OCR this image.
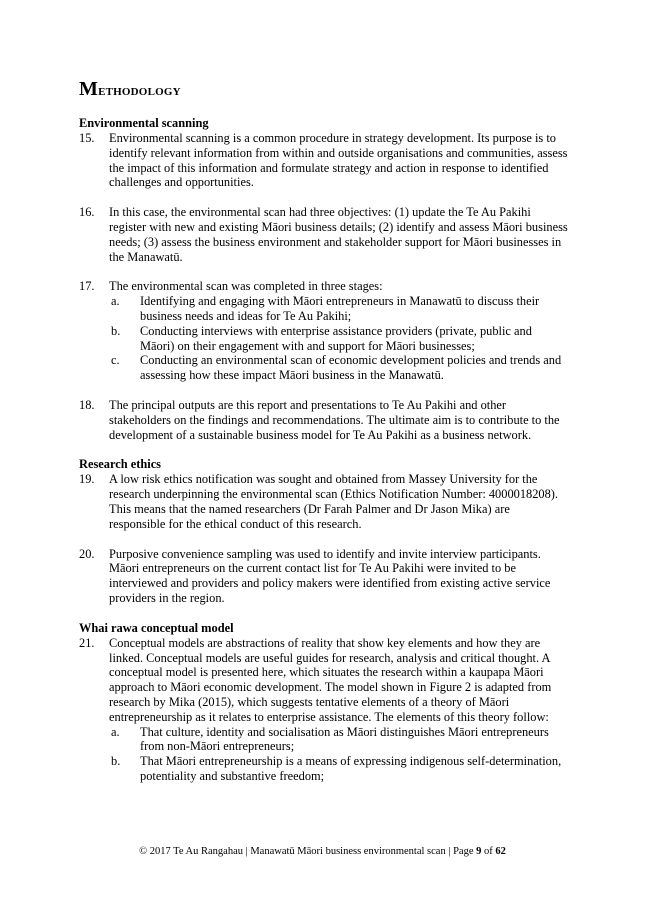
Methodology

Environmental scanning

15. Environmental scanning is a common procedure in strategy development. Its purpose is to identify relevant information from within and outside organisations and communities, assess the impact of this information and formulate strategy and action in response to identified challenges and opportunities.
16. In this case, the environmental scan had three objectives: (1) update the Te Au Pakihi register with new and existing Māori business details; (2) identify and assess Māori business needs; (3) assess the business environment and stakeholder support for Māori businesses in the Manawatū.
17. The environmental scan was completed in three stages:
a. Identifying and engaging with Māori entrepreneurs in Manawatū to discuss their business needs and ideas for Te Au Pakihi;
b. Conducting interviews with enterprise assistance providers (private, public and Māori) on their engagement with and support for Māori businesses;
c. Conducting an environmental scan of economic development policies and trends and assessing how these impact Māori business in the Manawatū.
18. The principal outputs are this report and presentations to Te Au Pakihi and other stakeholders on the findings and recommendations. The ultimate aim is to contribute to the development of a sustainable business model for Te Au Pakihi as a business network.

Research ethics

19. A low risk ethics notification was sought and obtained from Massey University for the research underpinning the environmental scan (Ethics Notification Number: 4000018208). This means that the named researchers (Dr Farah Palmer and Dr Jason Mika) are responsible for the ethical conduct of this research.
20. Purposive convenience sampling was used to identify and invite interview participants. Māori entrepreneurs on the current contact list for Te Au Pakihi were invited to be interviewed and providers and policy makers were identified from existing active service providers in the region.

Whai rawa conceptual model

21. Conceptual models are abstractions of reality that show key elements and how they are linked. Conceptual models are useful guides for research, analysis and critical thought. A conceptual model is presented here, which situates the research within a kaupapa Māori approach to Māori economic development. The model shown in Figure 2 is adapted from research by Mika (2015), which suggests tentative elements of a theory of Māori entrepreneurship as it relates to enterprise assistance. The elements of this theory follow:
a. That culture, identity and socialisation as Māori distinguishes Māori entrepreneurs from non-Māori entrepreneurs;
b. That Māori entrepreneurship is a means of expressing indigenous self-determination, potentiality and substantive freedom;
© 2017 Te Au Rangahau | Manawatū Māori business environmental scan | Page 9 of 62
